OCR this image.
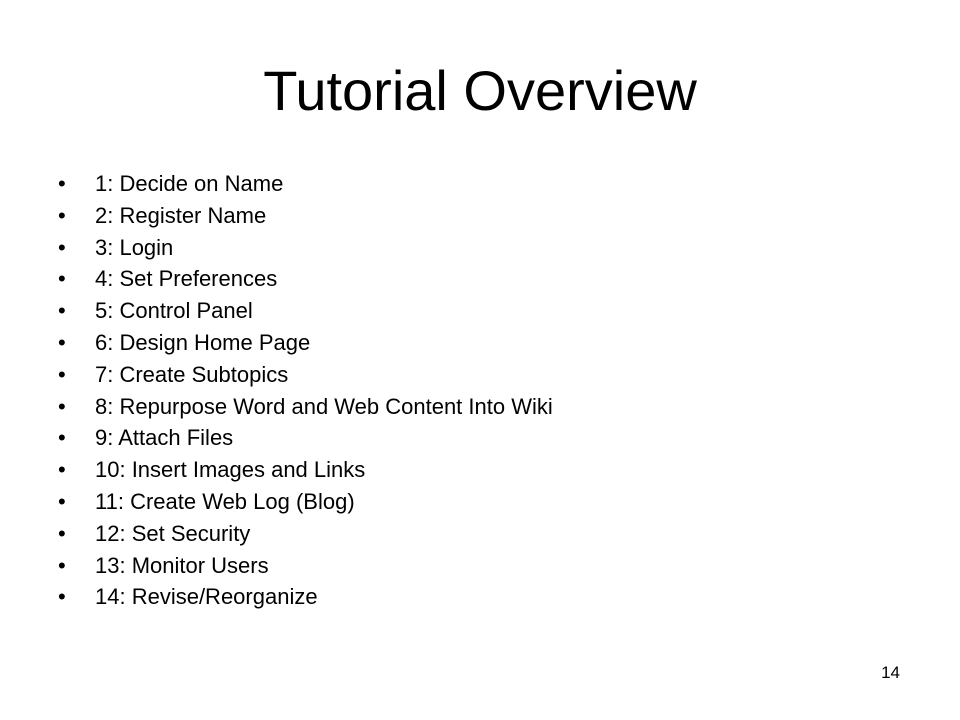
Tutorial Overview
•	1: Decide on Name
•	2: Register Name
•	3: Login
•	4: Set Preferences
•	5: Control Panel
•	6: Design Home Page
•	7: Create Subtopics
•	8: Repurpose Word and Web Content Into Wiki
•	9: Attach Files
•	10: Insert Images and Links
•	11: Create Web Log (Blog)
•	12: Set Security
•	13: Monitor Users
•	14: Revise/Reorganize
14
